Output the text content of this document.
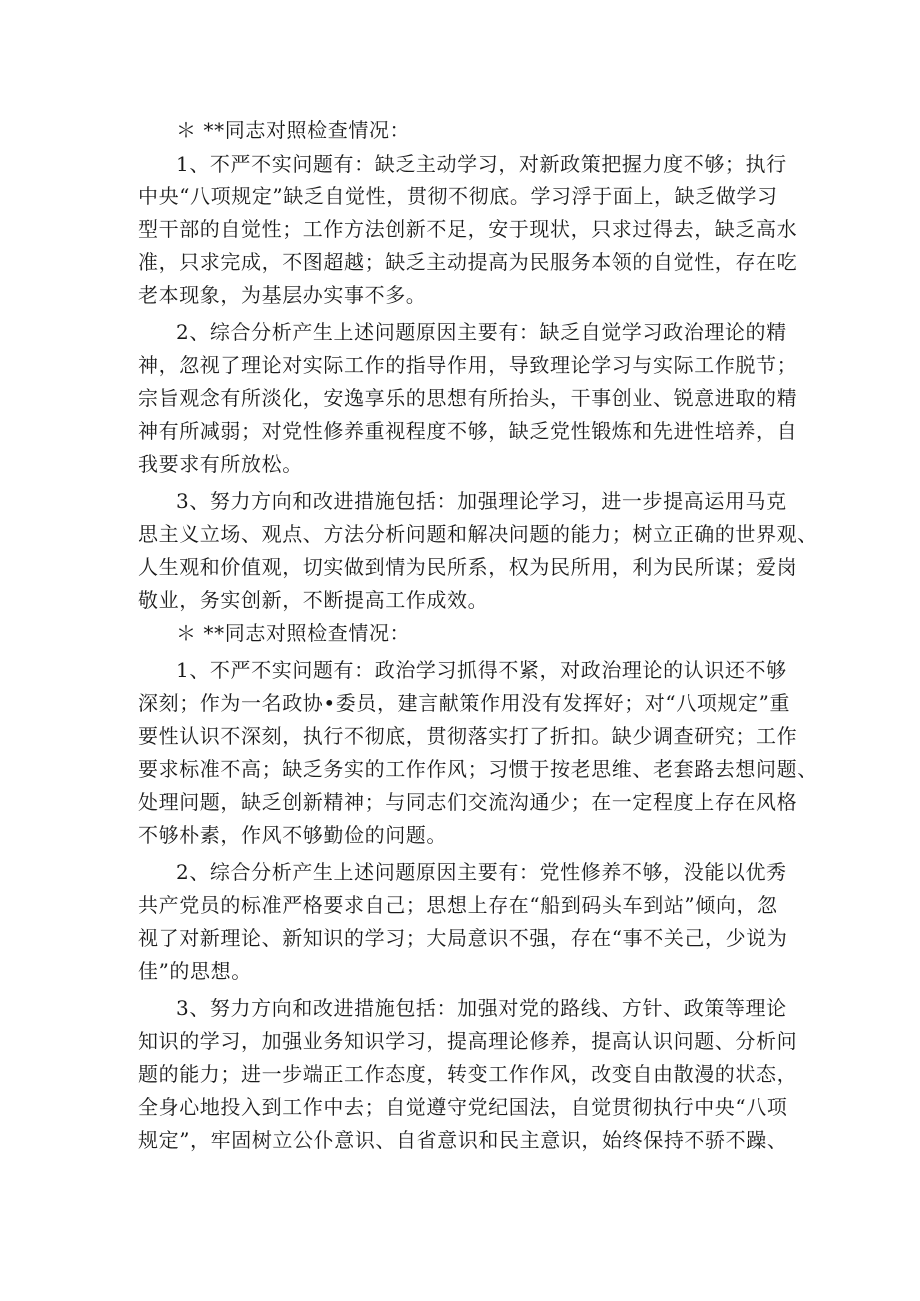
＊ **同志对照检查情况：

1、不严不实问题有：缺乏主动学习，对新政策把握力度不够；执行

中央“八项规定”缺乏自觉性，贯彻不彻底。学习浮于面上，缺乏做学习

型干部的自觉性；工作方法创新不足，安于现状，只求过得去，缺乏高水

准，只求完成，不图超越；缺乏主动提高为民服务本领的自觉性，存在吃

老本现象，为基层办实事不多。

2、综合分析产生上述问题原因主要有：缺乏自觉学习政治理论的精

神，忽视了理论对实际工作的指导作用，导致理论学习与实际工作脱节；

宗旨观念有所淡化，安逸享乐的思想有所抬头，干事创业、锐意进取的精

神有所减弱；对党性修养重视程度不够，缺乏党性锻炼和先进性培养，自

我要求有所放松。

3、努力方向和改进措施包括：加强理论学习，进一步提高运用马克

思主义立场、观点、方法分析问题和解决问题的能力；树立正确的世界观、

人生观和价值观，切实做到情为民所系，权为民所用，利为民所谋；爱岗

敬业，务实创新，不断提高工作成效。

＊ **同志对照检查情况：

1、不严不实问题有：政治学习抓得不紧，对政治理论的认识还不够

深刻；作为一名政协•委员，建言献策作用没有发挥好；对“八项规定”重

要性认识不深刻，执行不彻底，贯彻落实打了折扣。缺少调查研究；工作

要求标准不高；缺乏务实的工作作风；习惯于按老思维、老套路去想问题、

处理问题，缺乏创新精神；与同志们交流沟通少；在一定程度上存在风格

不够朴素，作风不够勤俭的问题。

2、综合分析产生上述问题原因主要有：党性修养不够，没能以优秀

共产党员的标准严格要求自己；思想上存在“船到码头车到站”倾向，忽

视了对新理论、新知识的学习；大局意识不强，存在“事不关己，少说为

佳”的思想。

3、努力方向和改进措施包括：加强对党的路线、方针、政策等理论

知识的学习，加强业务知识学习，提高理论修养，提高认识问题、分析问

题的能力；进一步端正工作态度，转变工作作风，改变自由散漫的状态，

全身心地投入到工作中去；自觉遵守党纪国法，自觉贯彻执行中央“八项

规定”，牢固树立公仆意识、自省意识和民主意识，始终保持不骄不躁、
